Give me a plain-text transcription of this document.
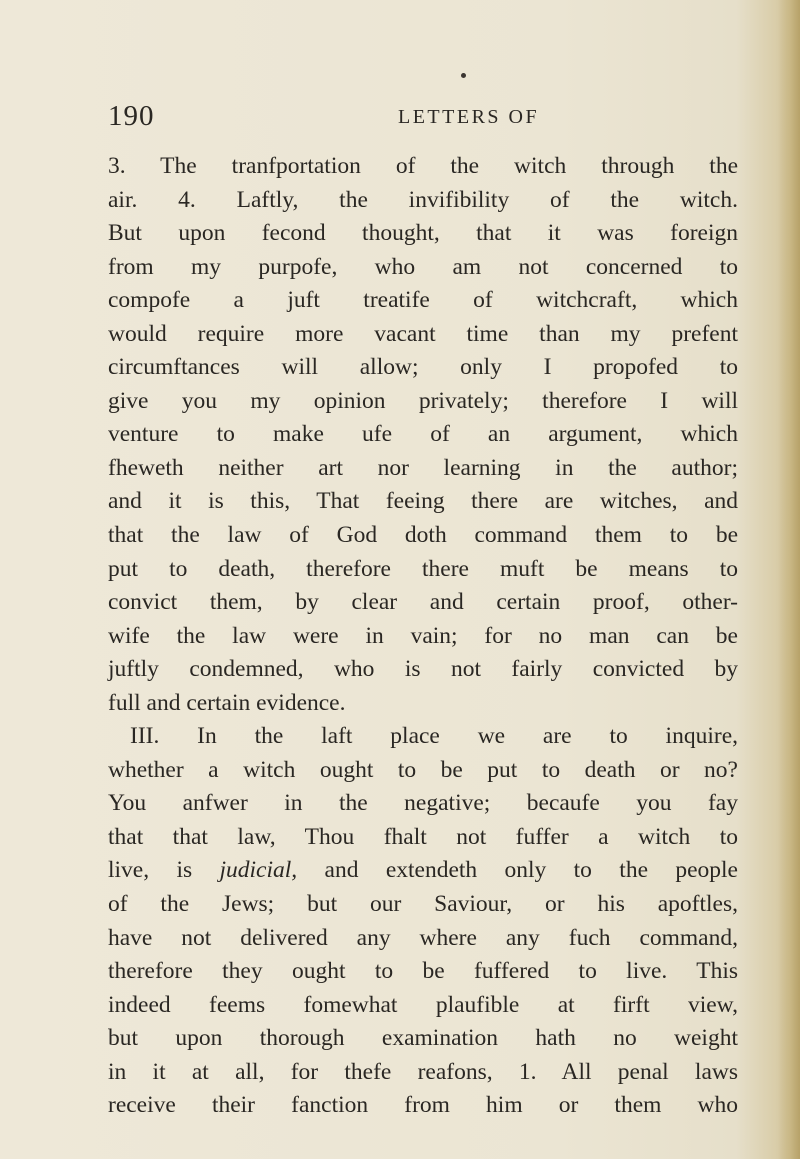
190	LETTERS OF
3. The tranfportation of the witch through the
air. 4. Laftly, the invifibility of the witch.
But upon fecond thought, that it was foreign
from my purpofe, who am not concerned to
compofe a juft treatife of witchcraft, which
would require more vacant time than my prefent
circumftances will allow; only I propofed to
give you my opinion privately; therefore I will
venture to make ufe of an argument, which
fheweth neither art nor learning in the author;
and it is this, That feeing there are witches, and
that the law of God doth command them to be
put to death, therefore there muft be means to
convict them, by clear and certain proof, other-
wife the law were in vain; for no man can be
juftly condemned, who is not fairly convicted by
full and certain evidence.
III. In the laft place we are to inquire,
whether a witch ought to be put to death or no?
You anfwer in the negative; becaufe you fay
that that law, Thou fhalt not fuffer a witch to
live, is judicial, and extendeth only to the people
of the Jews; but our Saviour, or his apoftles,
have not delivered any where any fuch command,
therefore they ought to be fuffered to live. This
indeed feems fomewhat plaufible at firft view,
but upon thorough examination hath no weight
in it at all, for thefe reafons, 1. All penal laws
receive their fanction from him or them who
